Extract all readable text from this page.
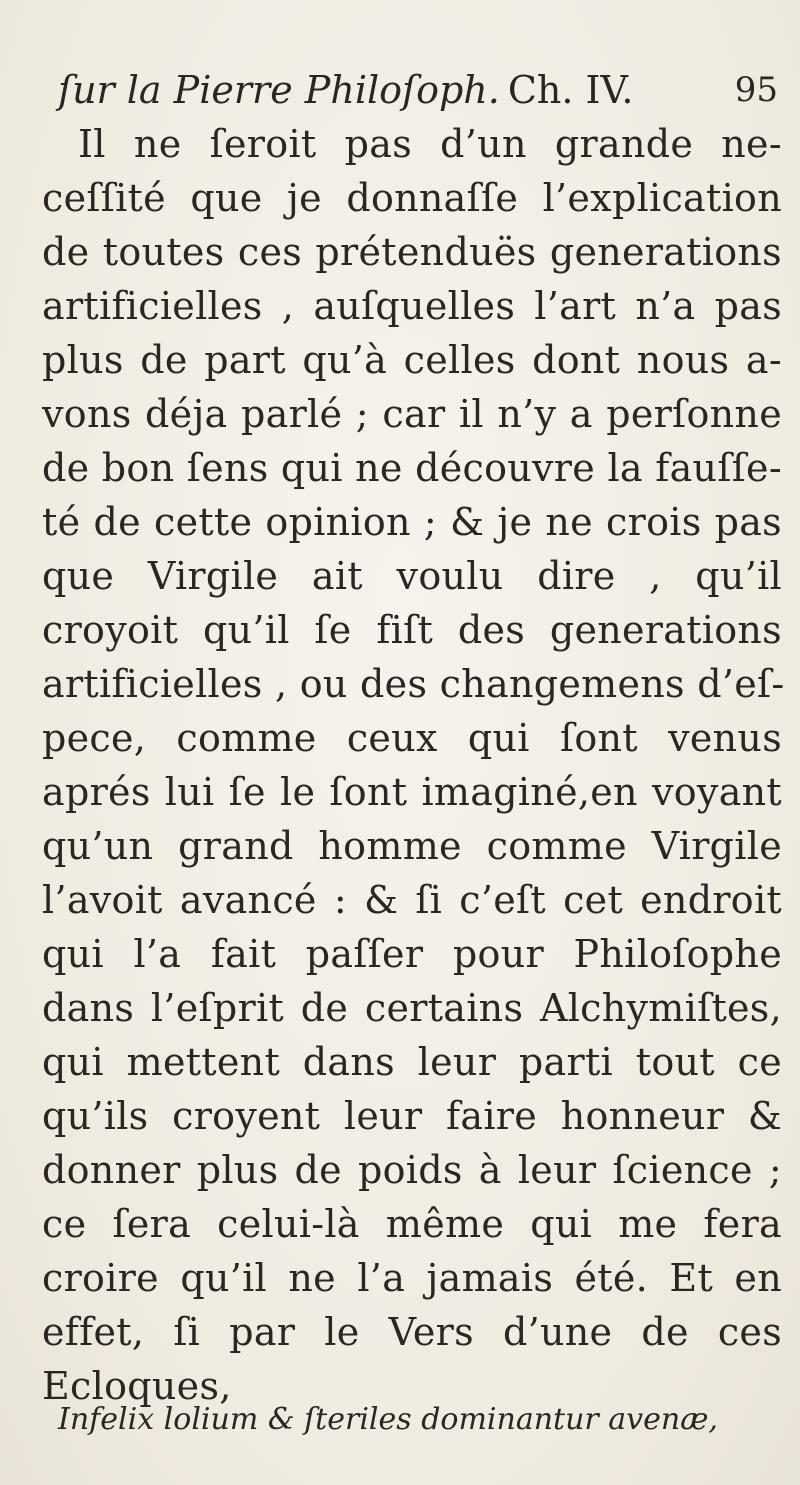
ſur la Pierre Philoſoph. Ch. IV.	95
Il ne ſeroit pas d’un grande ne-
ceſſité que je donnaſſe l’explication
de toutes ces prétenduës generations
artificielles , auſquelles l’art n’a pas
plus de part qu’à celles dont nous a-
vons déja parlé ; car il n’y a perſonne
de bon ſens qui ne découvre la fauſſe-
té de cette opinion ; & je ne crois pas
que Virgile ait voulu dire , qu’il
croyoit qu’il ſe fiſt des generations
artificielles , ou des changemens d’eſ-
pece, comme ceux qui ſont venus
aprés lui ſe le ſont imaginé,en voyant
qu’un grand homme comme Virgile
l’avoit avancé : & ſi c’eſt cet endroit
qui l’a fait paſſer pour Philoſophe
dans l’eſprit de certains Alchymiſtes,
qui mettent dans leur parti tout ce
qu’ils croyent leur faire honneur &
donner plus de poids à leur ſcience ;
ce ſera celui-là même qui me fera
croire qu’il ne l’a jamais été. Et en
effet, ſi par le Vers d’une de ces
Ecloques,
Infelix lolium & ſteriles dominantur avenæ,
